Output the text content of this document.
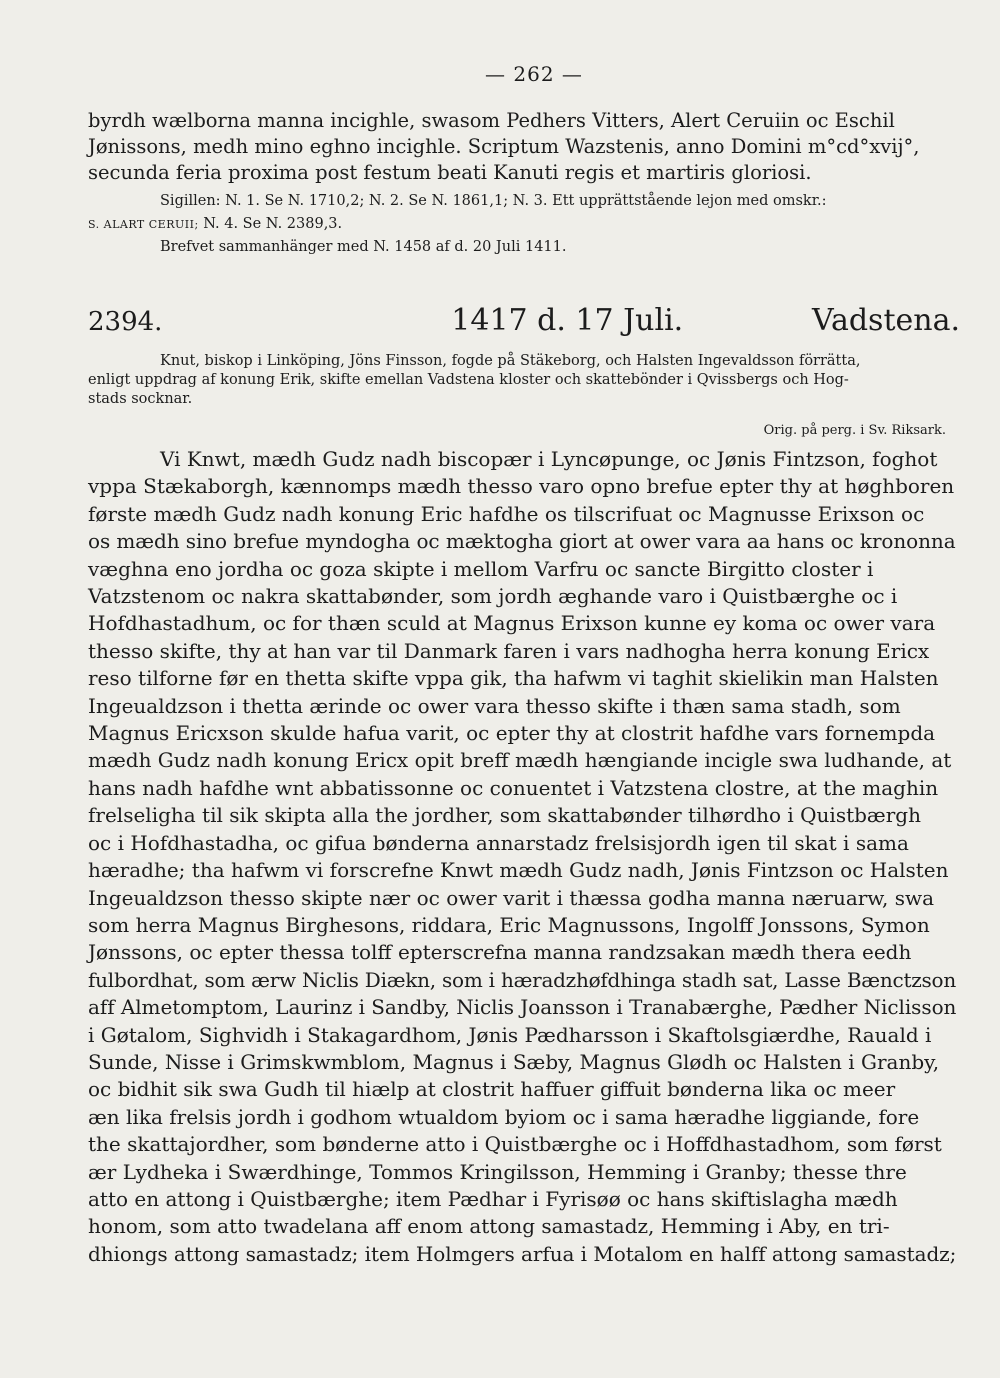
— 262 —
byrdh wælborna manna incighle, swasom Pedhers Vitters, Alert Ceruiin oc Eschil
Jønissons, medh mino eghno incighle. Scriptum Wazstenis, anno Domini m°cd°xvij°,
secunda feria proxima post festum beati Kanuti regis et martiris gloriosi.
Sigillen: N. 1. Se N. 1710,2; N. 2. Se N. 1861,1; N. 3. Ett upprättstående lejon med omskr.:
S. ALART CERUII; N. 4. Se N. 2389,3.
Brefvet sammanhänger med N. 1458 af d. 20 Juli 1411.
2394.	1417 d. 17 Juli.	Vadstena.
Knut, biskop i Linköping, Jöns Finsson, fogde på Stäkeborg, och Halsten Ingevaldsson förrätta,
enligt uppdrag af konung Erik, skifte emellan Vadstena kloster och skattebönder i Qvissbergs och Hog-
stads socknar.
Orig. på perg. i Sv. Riksark.
Vi Knwt, mædh Gudz nadh biscopær i Lyncøpunge, oc Jønis Fintzson, foghot
vppa Stækaborgh, kænnomps mædh thesso varo opno brefue epter thy at høghboren
første mædh Gudz nadh konung Eric hafdhe os tilscrifuat oc Magnusse Erixson oc
os mædh sino brefue myndogha oc mæktogha giort at ower vara aa hans oc krononna
væghna eno jordha oc goza skipte i mellom Varfru oc sancte Birgitto closter i
Vatzstenom oc nakra skattabønder, som jordh æghande varo i Quistbærghe oc i
Hofdhastadhum, oc for thæn sculd at Magnus Erixson kunne ey koma oc ower vara
thesso skifte, thy at han var til Danmark faren i vars nadhogha herra konung Ericx
reso tilforne før en thetta skifte vppa gik, tha hafwm vi taghit skielikin man Halsten
Ingeualdzson i thetta ærinde oc ower vara thesso skifte i thæn sama stadh, som
Magnus Ericxson skulde hafua varit, oc epter thy at clostrit hafdhe vars fornempda
mædh Gudz nadh konung Ericx opit breff mædh hængiande incigle swa ludhande, at
hans nadh hafdhe wnt abbatissonne oc conuentet i Vatzstena clostre, at the maghin
frelsеligha til sik skipta alla the jordher, som skattabønder tilhørdho i Quistbærgh
oc i Hofdhastadha, oc gifua bønderna annarstadz frelsisjordh igen til skat i sama
hæradhe; tha hafwm vi forscrefne Knwt mædh Gudz nadh, Jønis Fintzson oc Halsten
Ingeualdzson thesso skipte nær oc ower varit i thæssa godha manna næruarw, swa
som herra Magnus Birghesons, riddara, Eric Magnussons, Ingolff Jonssons, Symon
Jønssons, oc epter thessa tolff epterscrefna manna randzsakan mædh thera eedh
fulbordhat, som ærw Niclis Diækn, som i hæradzhøfdhinga stadh sat, Lasse Bænctzson
aff Almetomptom, Laurinz i Sandby, Niclis Joansson i Tranabærghe, Pædher Niclisson
i Gøtalom, Sighvidh i Stakagardhom, Jønis Pædharsson i Skaftolsgiærdhe, Rauald i
Sunde, Nisse i Grimskwmblom, Magnus i Sæby, Magnus Glødh oc Halsten i Granby,
oc bidhit sik swa Gudh til hiælp at clostrit haffuer giffuit bønderna lika oc meer
æn lika frelsis jordh i godhom wtualdom byiom oc i sama hæradhe liggiande, fore
the skattajordher, som bønderne atto i Quistbærghe oc i Hoffdhastadhom, som først
ær Lydheka i Swærdhinge, Tommos Kringilsson, Hemming i Granby; thesse thre
atto en attong i Quistbærghe; item Pædhar i Fyrisøø oc hans skiftislagha mædh
honom, som atto twadelana aff enom attong samastadz, Hemming i Aby, en tri-
dhiongs attong samastadz; item Holmgers arfua i Motalom en halff attong samastadz;
